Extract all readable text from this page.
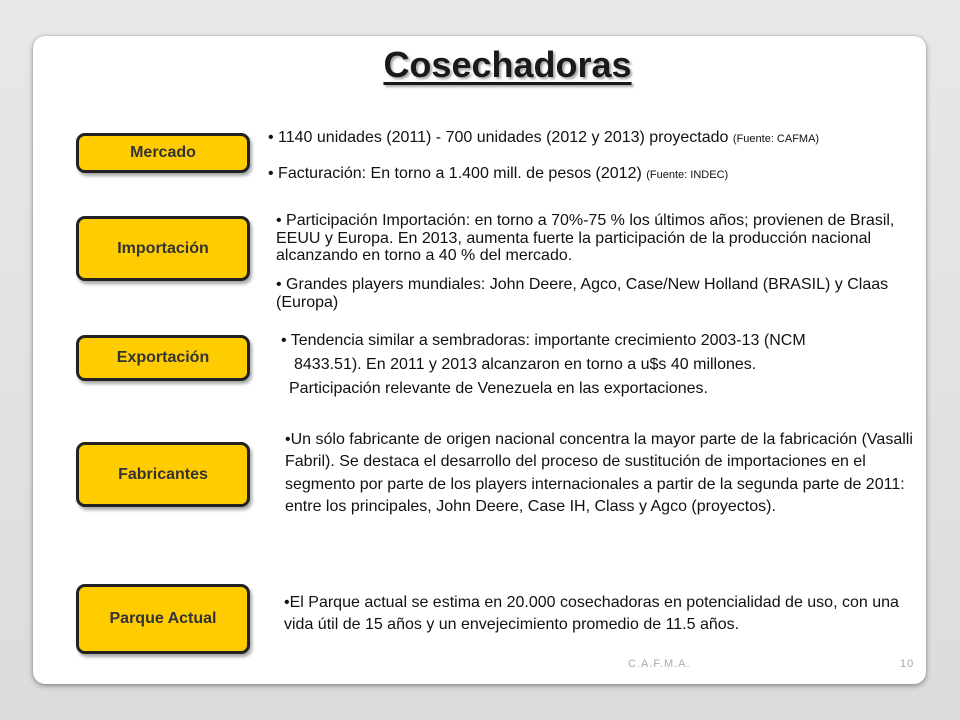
Cosechadoras
Mercado
• 1140 unidades (2011) - 700 unidades (2012 y 2013) proyectado (Fuente: CAFMA)
• Facturación: En torno a 1.400 mill. de pesos (2012) (Fuente: INDEC)
Importación
• Participación Importación: en torno a 70%-75 % los últimos años; provienen de Brasil, EEUU y Europa. En 2013, aumenta fuerte la participación de la producción nacional alcanzando en torno a 40 % del mercado.
• Grandes players mundiales: John Deere, Agco, Case/New Holland (BRASIL) y Claas (Europa)
Exportación
• Tendencia similar a sembradoras: importante crecimiento 2003-13 (NCM
8433.51). En 2011 y 2013 alcanzaron en torno a u$s 40 millones.
Participación relevante de Venezuela en las exportaciones.
Fabricantes
•Un sólo fabricante de origen nacional concentra la mayor parte de la fabricación (Vasalli Fabril). Se destaca el desarrollo del proceso de sustitución de importaciones en el segmento por parte de los players internacionales a partir de la segunda parte de 2011: entre los principales, John Deere, Case IH, Class y Agco (proyectos).
Parque Actual
•El Parque actual se estima en 20.000 cosechadoras en potencialidad de uso, con una vida útil de 15 años y un envejecimiento promedio de 11.5 años.
C.A.F.M.A.	10
